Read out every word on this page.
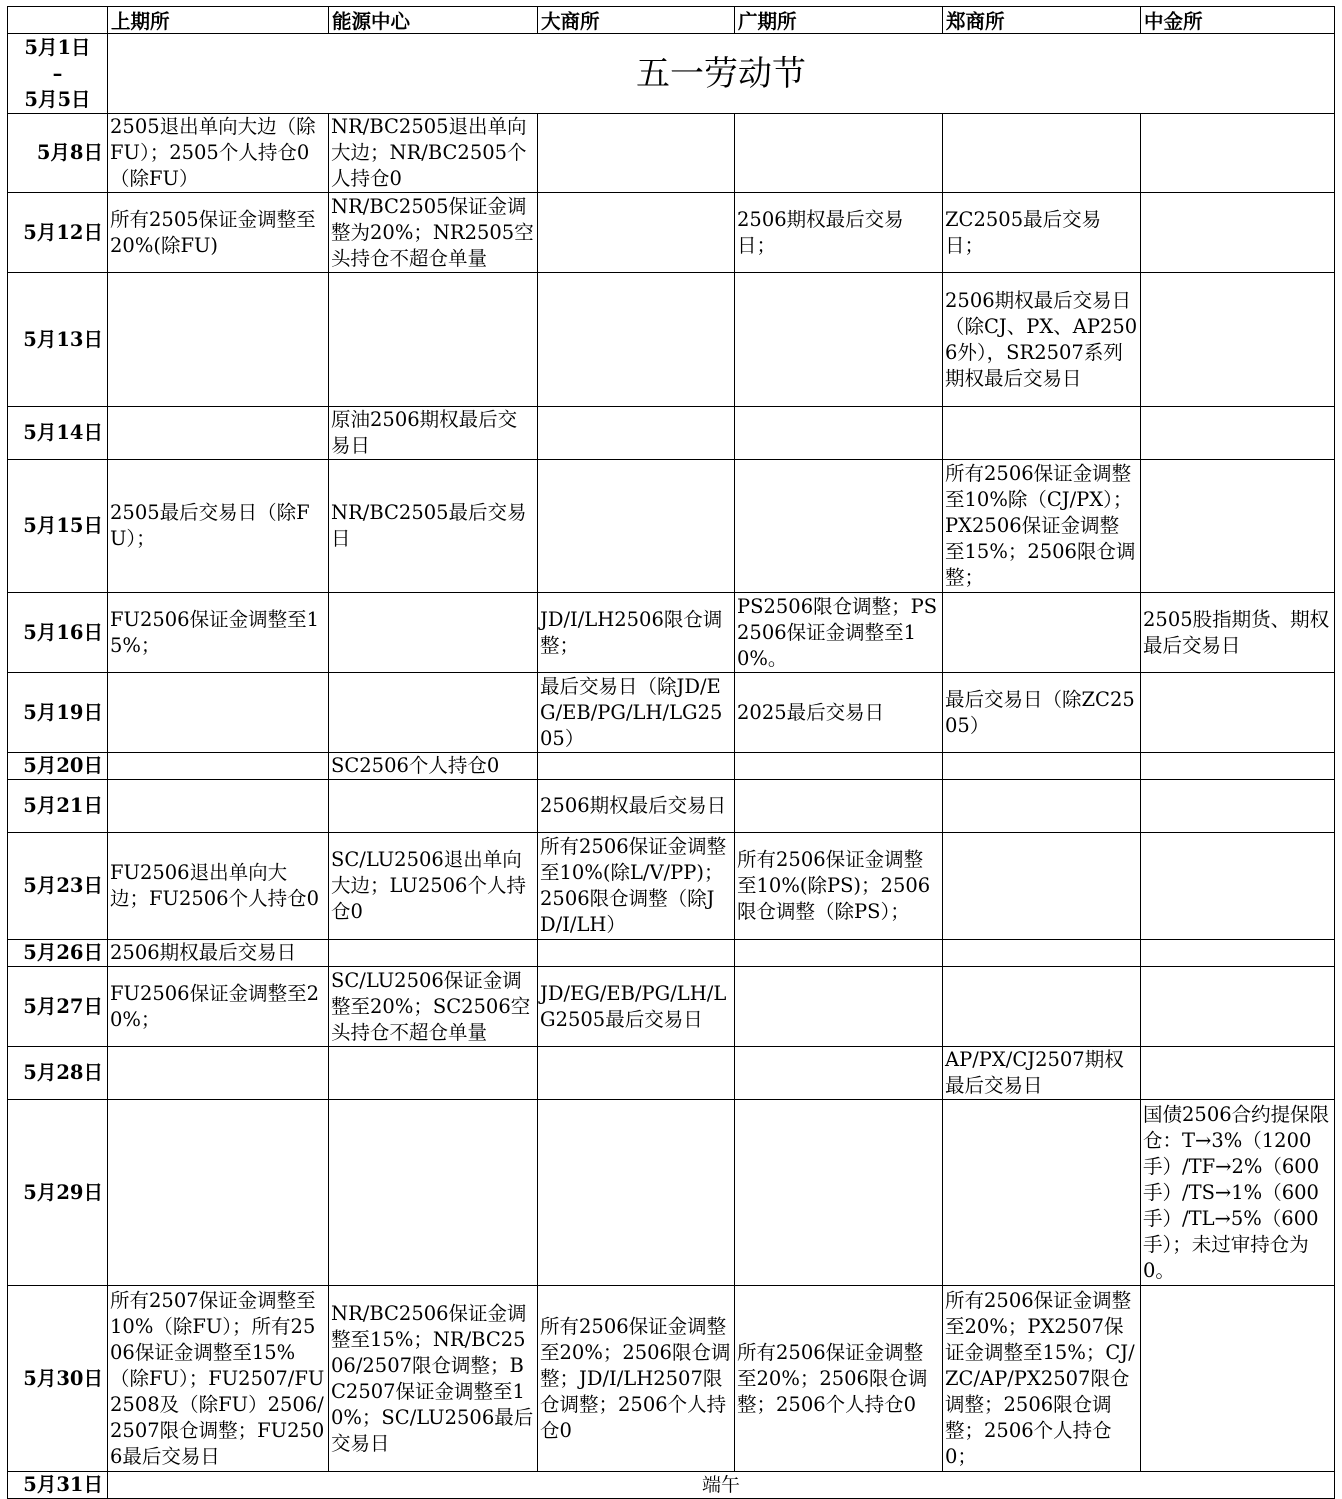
	上期所	能源中心	大商所	广期所	郑商所	中金所

5月1日
–
5月5日	五一劳动节					
5月8日	2505退出单向大边（除FU）；2505个人持仓0（除FU）	NR/BC2505退出单向大边；NR/BC2505个人持仓0				
5月12日	所有2505保证金调整至20%(除FU)	NR/BC2505保证金调整为20%；NR2505空头持仓不超仓单量		2506期权最后交易日；	ZC2505最后交易日；	
5月13日					2506期权最后交易日（除CJ、PX、AP2506外），SR2507系列期权最后交易日	
5月14日		原油2506期权最后交易日				
5月15日	2505最后交易日（除FU）；	NR/BC2505最后交易日			所有2506保证金调整至10%除（CJ/PX）；PX2506保证金调整至15%；2506限仓调整；	
5月16日	FU2506保证金调整至15%；		JD/I/LH2506限仓调整；	PS2506限仓调整；PS2506保证金调整至10%。		2505股指期货、期权最后交易日
5月19日			最后交易日（除JD/EG/EB/PG/LH/LG2505）	2025最后交易日	最后交易日（除ZC2505）	
5月20日		SC2506个人持仓0				
5月21日			2506期权最后交易日			
5月23日	FU2506退出单向大边；FU2506个人持仓0	SC/LU2506退出单向大边；LU2506个人持仓0	所有2506保证金调整至10%(除L/V/PP)；2506限仓调整（除JD/I/LH）	所有2506保证金调整至10%(除PS)；2506限仓调整（除PS）；		
5月26日	2506期权最后交易日					
5月27日	FU2506保证金调整至20%；	SC/LU2506保证金调整至20%；SC2506空头持仓不超仓单量	JD/EG/EB/PG/LH/LG2505最后交易日			
5月28日					AP/PX/CJ2507期权最后交易日	
5月29日						国债2506合约提保限仓：T→3%（1200手）/TF→2%（600手）/TS→1%（600手）/TL→5%（600手）；未过审持仓为0。
5月30日	所有2507保证金调整至10%（除FU）；所有2506保证金调整至15%（除FU）；FU2507/FU2508及（除FU）2506/2507限仓调整；FU2506最后交易日	NR/BC2506保证金调整至15%；NR/BC2506/2507限仓调整；BC2507保证金调整至10%；SC/LU2506最后交易日	所有2506保证金调整至20%；2506限仓调整；JD/I/LH2507限仓调整；2506个人持仓0	所有2506保证金调整至20%；2506限仓调整；2506个人持仓0	所有2506保证金调整至20%；PX2507保证金调整至15%；CJ/ZC/AP/PX2507限仓调整；2506限仓调整；2506个人持仓0；	
5月31日	端午					
